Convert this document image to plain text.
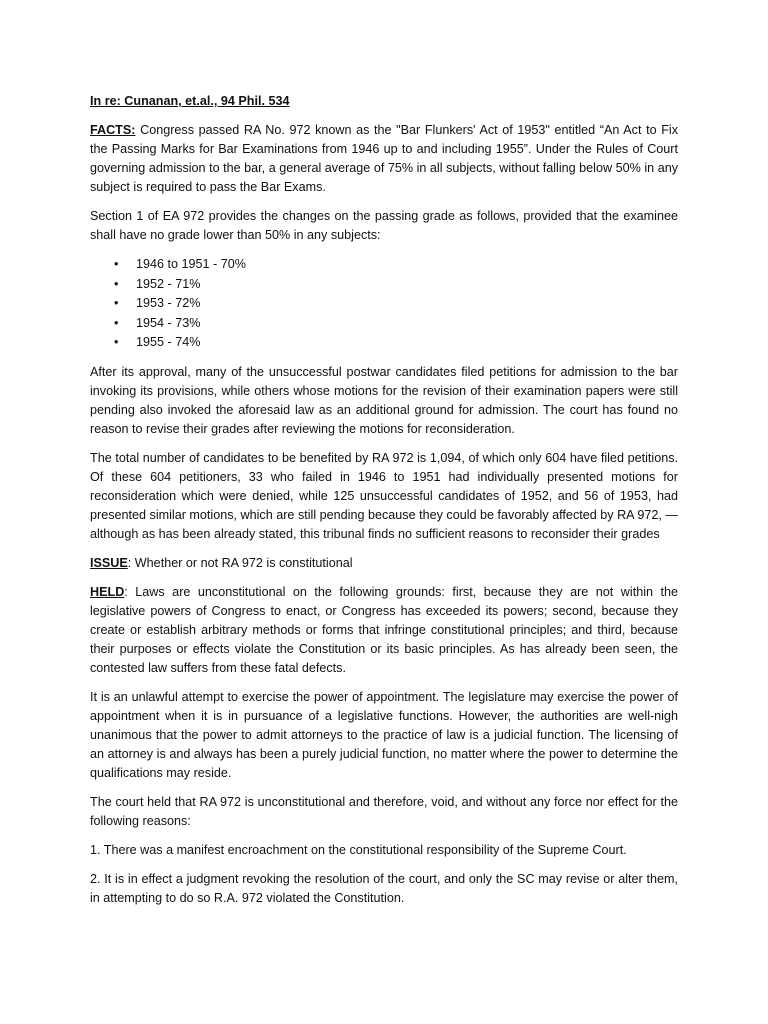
In re: Cunanan, et.al., 94 Phil. 534

FACTS: Congress passed RA No. 972 known as the "Bar Flunkers' Act of 1953" entitled “An Act to Fix the Passing Marks for Bar Examinations from 1946 up to and including 1955”. Under the Rules of Court governing admission to the bar, a general average of 75% in all subjects, without falling below 50% in any subject is required to pass the Bar Exams.

Section 1 of EA 972 provides the changes on the passing grade as follows, provided that the examinee shall have no grade lower than 50% in any subjects:

• 1946 to 1951 - 70%
• 1952 - 71%
• 1953 - 72%
• 1954 - 73%
• 1955 - 74%

After its approval, many of the unsuccessful postwar candidates filed petitions for admission to the bar invoking its provisions, while others whose motions for the revision of their examination papers were still pending also invoked the aforesaid law as an additional ground for admission. The court has found no reason to revise their grades after reviewing the motions for reconsideration.

The total number of candidates to be benefited by RA 972 is 1,094, of which only 604 have filed petitions. Of these 604 petitioners, 33 who failed in 1946 to 1951 had individually presented motions for reconsideration which were denied, while 125 unsuccessful candidates of 1952, and 56 of 1953, had presented similar motions, which are still pending because they could be favorably affected by RA 972, — although as has been already stated, this tribunal finds no sufficient reasons to reconsider their grades

ISSUE: Whether or not RA 972 is constitutional

HELD: Laws are unconstitutional on the following grounds: first, because they are not within the legislative powers of Congress to enact, or Congress has exceeded its powers; second, because they create or establish arbitrary methods or forms that infringe constitutional principles; and third, because their purposes or effects violate the Constitution or its basic principles. As has already been seen, the contested law suffers from these fatal defects.

It is an unlawful attempt to exercise the power of appointment. The legislature may exercise the power of appointment when it is in pursuance of a legislative functions. However, the authorities are well-nigh unanimous that the power to admit attorneys to the practice of law is a judicial function. The licensing of an attorney is and always has been a purely judicial function, no matter where the power to determine the qualifications may reside.

The court held that RA 972 is unconstitutional and therefore, void, and without any force nor effect for the following reasons:

1. There was a manifest encroachment on the constitutional responsibility of the Supreme Court.

2. It is in effect a judgment revoking the resolution of the court, and only the SC may revise or alter them, in attempting to do so R.A. 972 violated the Constitution.
